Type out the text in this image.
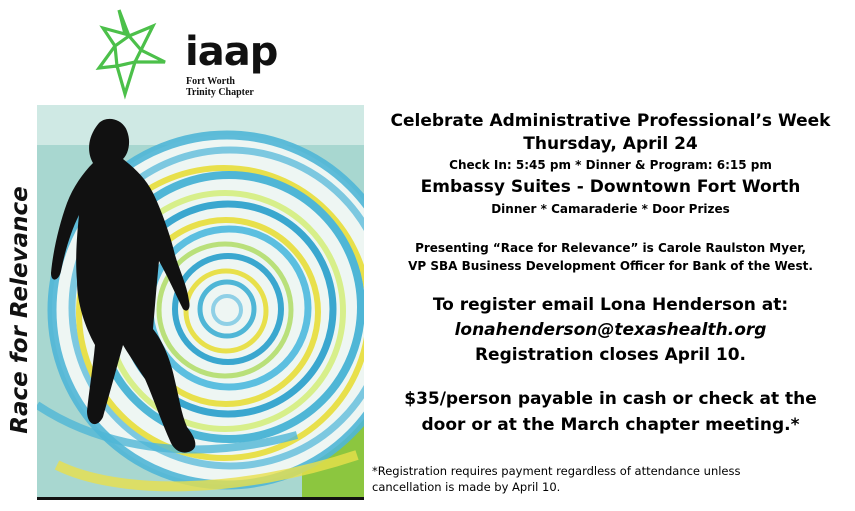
iaap
Fort Worth
Trinity Chapter
Race for Relevance
Celebrate Administrative Professional’s Week
Thursday, April 24
Check In: 5:45 pm * Dinner & Program: 6:15 pm
Embassy Suites - Downtown Fort Worth
Dinner * Camaraderie * Door Prizes
Presenting “Race for Relevance” is Carole Raulston Myer,
VP SBA Business Development Officer for Bank of the West.
To register email Lona Henderson at:
lonahenderson@texashealth.org
Registration closes April 10.
$35/person payable in cash or check at the
door or at the March chapter meeting.*
*Registration requires payment regardless of attendance unless
cancellation is made by April 10.
